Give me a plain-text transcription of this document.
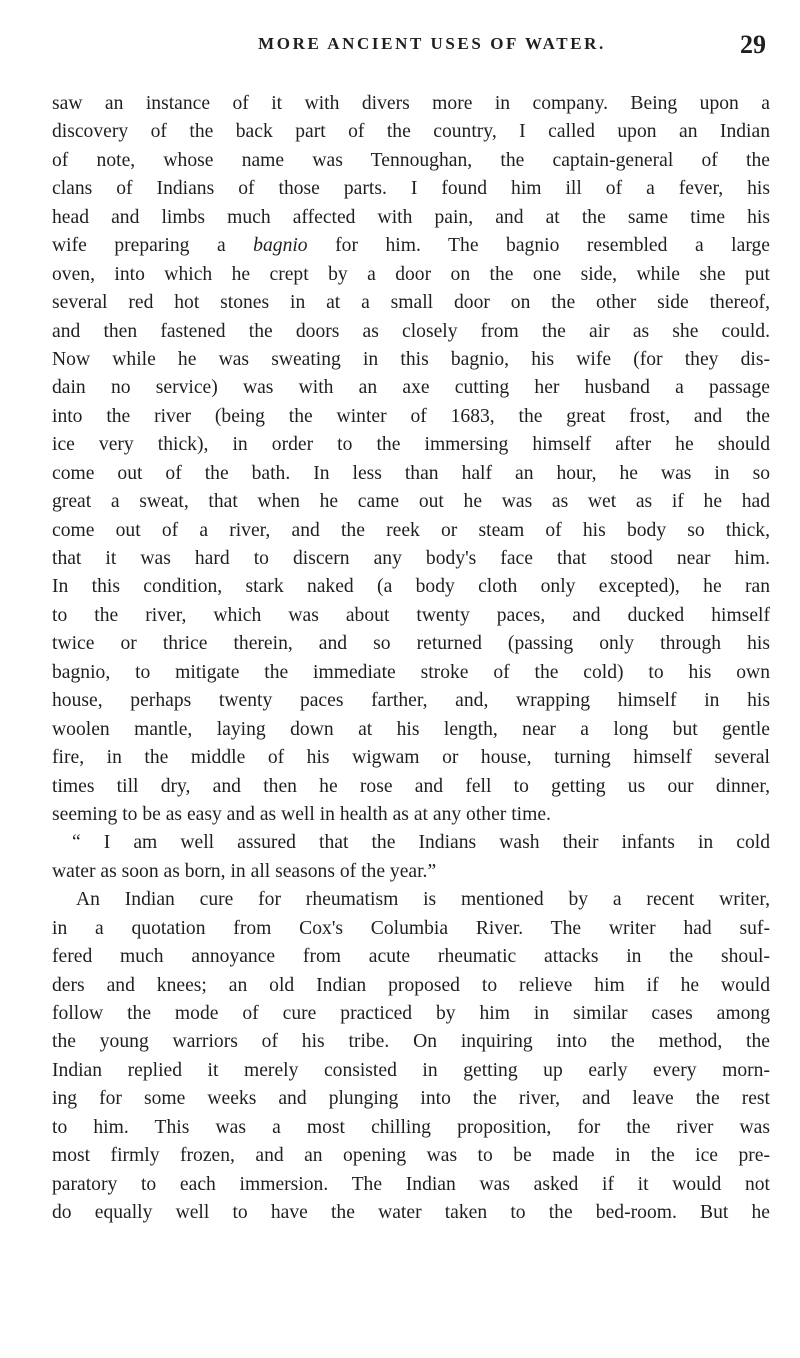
MORE ANCIENT USES OF WATER.	29
saw an instance of it with divers more in company. Being upon a
discovery of the back part of the country, I called upon an Indian
of note, whose name was Tennoughan, the captain-general of the
clans of Indians of those parts. I found him ill of a fever, his
head and limbs much affected with pain, and at the same time his
wife preparing a bagnio for him. The bagnio resembled a large
oven, into which he crept by a door on the one side, while she put
several red hot stones in at a small door on the other side thereof,
and then fastened the doors as closely from the air as she could.
Now while he was sweating in this bagnio, his wife (for they dis-
dain no service) was with an axe cutting her husband a passage
into the river (being the winter of 1683, the great frost, and the
ice very thick), in order to the immersing himself after he should
come out of the bath. In less than half an hour, he was in so
great a sweat, that when he came out he was as wet as if he had
come out of a river, and the reek or steam of his body so thick,
that it was hard to discern any body's face that stood near him.
In this condition, stark naked (a body cloth only excepted), he ran
to the river, which was about twenty paces, and ducked himself
twice or thrice therein, and so returned (passing only through his
bagnio, to mitigate the immediate stroke of the cold) to his own
house, perhaps twenty paces farther, and, wrapping himself in his
woolen mantle, laying down at his length, near a long but gentle
fire, in the middle of his wigwam or house, turning himself several
times till dry, and then he rose and fell to getting us our dinner,
seeming to be as easy and as well in health as at any other time.
“ I am well assured that the Indians wash their infants in cold
water as soon as born, in all seasons of the year.”
An Indian cure for rheumatism is mentioned by a recent writer,
in a quotation from Cox's Columbia River. The writer had suf-
fered much annoyance from acute rheumatic attacks in the shoul-
ders and knees; an old Indian proposed to relieve him if he would
follow the mode of cure practiced by him in similar cases among
the young warriors of his tribe. On inquiring into the method, the
Indian replied it merely consisted in getting up early every morn-
ing for some weeks and plunging into the river, and leave the rest
to him. This was a most chilling proposition, for the river was
most firmly frozen, and an opening was to be made in the ice pre-
paratory to each immersion. The Indian was asked if it would not
do equally well to have the water taken to the bed-room. But he
